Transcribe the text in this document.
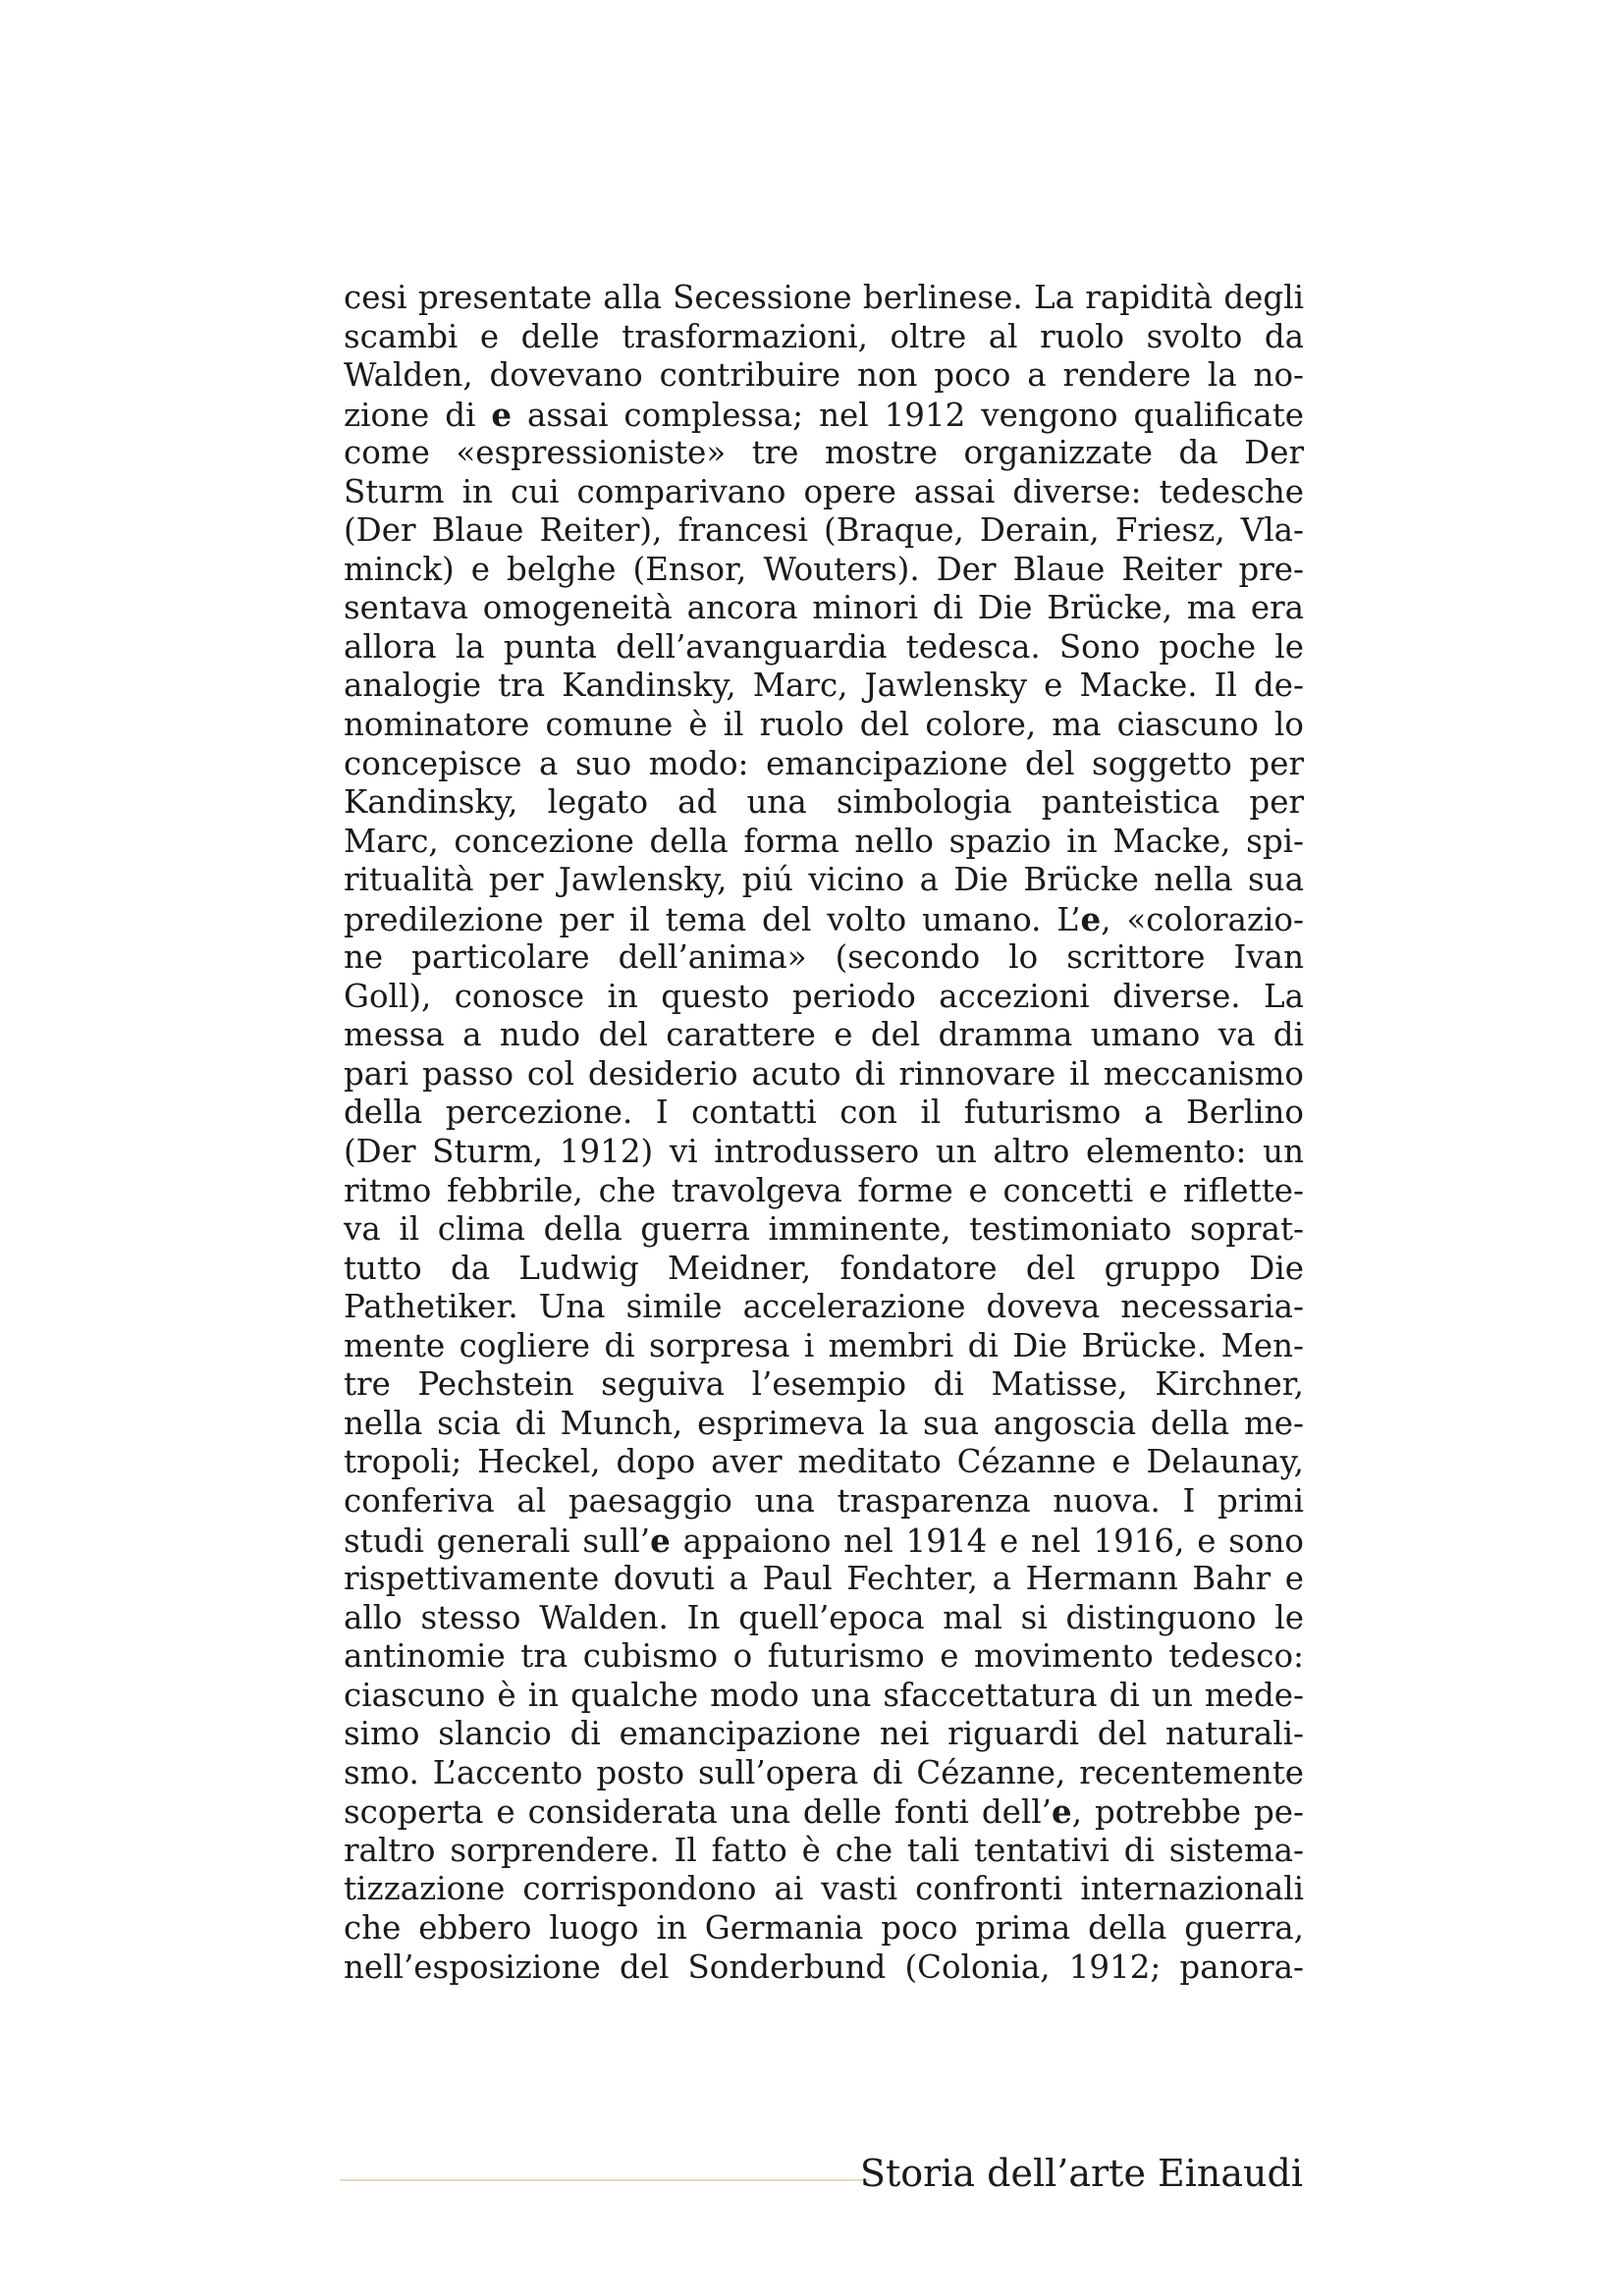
cesi presentate alla Secessione berlinese. La rapidità degli
scambi e delle trasformazioni, oltre al ruolo svolto da
Walden, dovevano contribuire non poco a rendere la no-
zione di e assai complessa; nel 1912 vengono qualificate
come «espressioniste» tre mostre organizzate da Der
Sturm in cui comparivano opere assai diverse: tedesche
(Der Blaue Reiter), francesi (Braque, Derain, Friesz, Vla-
minck) e belghe (Ensor, Wouters). Der Blaue Reiter pre-
sentava omogeneità ancora minori di Die Brücke, ma era
allora la punta dell’avanguardia tedesca. Sono poche le
analogie tra Kandinsky, Marc, Jawlensky e Macke. Il de-
nominatore comune è il ruolo del colore, ma ciascuno lo
concepisce a suo modo: emancipazione del soggetto per
Kandinsky, legato ad una simbologia panteistica per
Marc, concezione della forma nello spazio in Macke, spi-
ritualità per Jawlensky, piú vicino a Die Brücke nella sua
predilezione per il tema del volto umano. L’e, «colorazio-
ne particolare dell’anima» (secondo lo scrittore Ivan
Goll), conosce in questo periodo accezioni diverse. La
messa a nudo del carattere e del dramma umano va di
pari passo col desiderio acuto di rinnovare il meccanismo
della percezione. I contatti con il futurismo a Berlino
(Der Sturm, 1912) vi introdussero un altro elemento: un
ritmo febbrile, che travolgeva forme e concetti e riflette-
va il clima della guerra imminente, testimoniato soprat-
tutto da Ludwig Meidner, fondatore del gruppo Die
Pathetiker. Una simile accelerazione doveva necessaria-
mente cogliere di sorpresa i membri di Die Brücke. Men-
tre Pechstein seguiva l’esempio di Matisse, Kirchner,
nella scia di Munch, esprimeva la sua angoscia della me-
tropoli; Heckel, dopo aver meditato Cézanne e Delaunay,
conferiva al paesaggio una trasparenza nuova. I primi
studi generali sull’e appaiono nel 1914 e nel 1916, e sono
rispettivamente dovuti a Paul Fechter, a Hermann Bahr e
allo stesso Walden. In quell’epoca mal si distinguono le
antinomie tra cubismo o futurismo e movimento tedesco:
ciascuno è in qualche modo una sfaccettatura di un mede-
simo slancio di emancipazione nei riguardi del naturali-
smo. L’accento posto sull’opera di Cézanne, recentemente
scoperta e considerata una delle fonti dell’e, potrebbe pe-
raltro sorprendere. Il fatto è che tali tentativi di sistema-
tizzazione corrispondono ai vasti confronti internazionali
che ebbero luogo in Germania poco prima della guerra,
nell’esposizione del Sonderbund (Colonia, 1912; panora-
Storia dell’arte Einaudi
